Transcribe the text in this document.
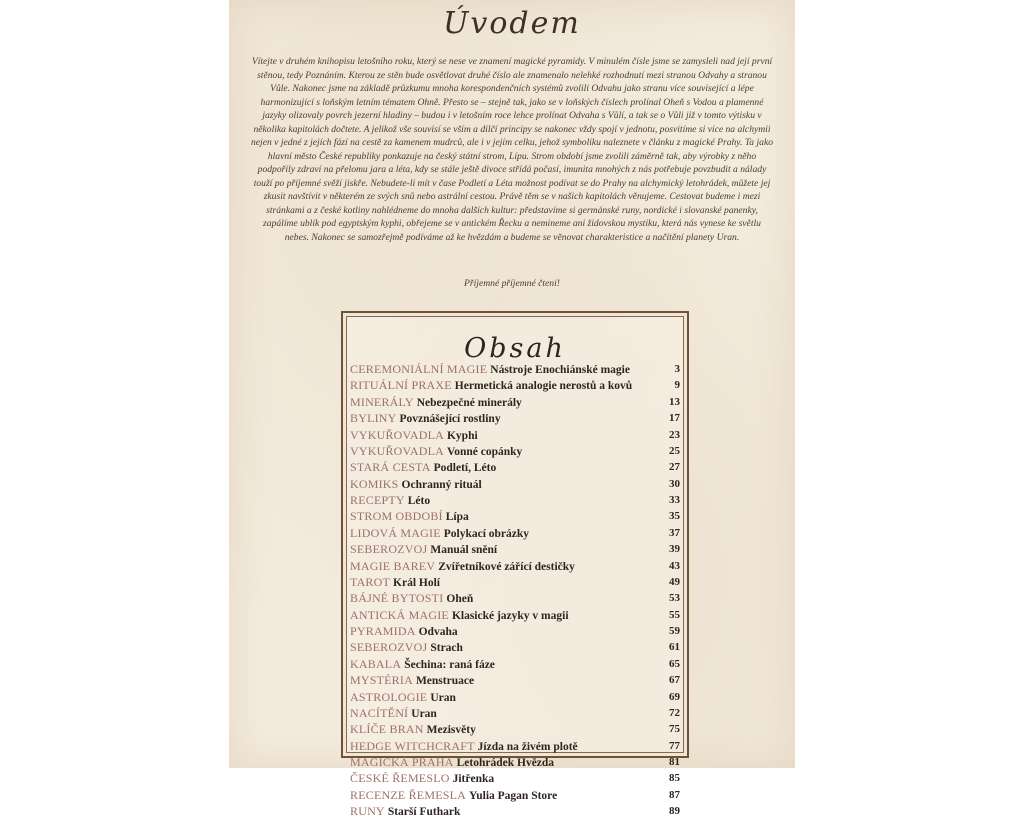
Úvodem
Vítejte v druhém knihopisu letošního roku, který se nese ve znamení magické pyramidy. V minulém čísle jsme se zamysleli nad její první stěnou, tedy Poznáním. Kterou ze stěn bude osvětlovat druhé číslo ale znamenalo nelehké rozhodnutí mezi stranou Odvahy a stranou Vůle. Nakonec jsme na základě průzkumu mnoha korespondenčních systémů zvolili Odvahu jako stranu více související a lépe harmonizující s loňským letním tématem Ohně. Přesto se – stejně tak, jako se v loňských číslech prolínal Oheň s Vodou a plamenné jazyky olizovaly povrch jezerní hladiny – budou i v letošním roce lehce prolínat Odvaha s Vůlí, a tak se o Vůli již v tomto výtisku v několika kapitolách dočtete. A jelikož vše souvisí se vším a dílčí principy se nakonec vždy spojí v jednotu, posvítíme si více na alchymii nejen v jedné z jejích fází na cestě za kamenem mudrců, ale i v jejím celku, jehož symboliku naleznete v článku z magické Prahy. Ta jako hlavní město České republiky ponkazuje na český státní strom, Lípu. Strom období jsme zvolili záměrně tak, aby výrobky z něho podpořily zdraví na přelomu jara a léta, kdy se stále ještě divoce střídá počasí, imunita mnohých z nás potřebuje povzbudit a nálady touží po příjemné svěží jiskře. Nebudete-li mít v čase Podletí a Léta možnost podívat se do Prahy na alchymický letohrádek, můžete jej zkusit navštívit v některém ze svých snů nebo astrální cestou. Právě těm se v našich kapitolách věnujeme. Cestovat budeme i mezi stránkami a z české kotliny nahlédneme do mnoha dalších kultur: představíme si germánské runy, nordické i slovanské panenky, zapálíme ublík pod egyptským kyphi, obřejeme se v antickém Řecku a nemineme ani židovskou mystiku, která nás vynese ke světlu nebes. Nakonec se samozřejmě podíváme až ke hvězdám a budeme se věnovat charakteristice a načítění planety Uran.
Příjemné příjemné čtení!
Obsah
CEREMONIÁLNÍ MAGIE Nástroje Enochiánské magie	3
RITUÁLNÍ PRAXE Hermetická analogie nerostů a kovů	9
MINERÁLY Nebezpečné minerály	13
BYLINY Povznášející rostliny	17
VYKUŘOVADLA Kyphi	23
VYKUŘOVADLA Vonné copánky	25
STARÁ CESTA Podletí, Léto	27
KOMIKS Ochranný rituál	30
RECEPTY Léto	33
STROM OBDOBÍ Lípa	35
LIDOVÁ MAGIE Polykací obrázky	37
SEBEROZVOJ Manuál snění	39
MAGIE BAREV Zvířetníkové zářící destičky	43
TAROT Král Holí	49
BÁJNÉ BYTOSTI Oheň	53
ANTICKÁ MAGIE Klasické jazyky v magii	55
PYRAMIDA Odvaha	59
SEBEROZVOJ Strach	61
KABALA Šechina: raná fáze	65
MYSTÉRIA Menstruace	67
ASTROLOGIE Uran	69
NACÍTĚNÍ Uran	72
KLÍČE BRAN Mezisvěty	75
HEDGE WITCHCRAFT Jízda na živém plotě	77
MAGICKÁ PRAHA Letohrádek Hvězda	81
ČESKÉ ŘEMESLO Jitřenka	85
RECENZE ŘEMESLA Yulia Pagan Store	87
RUNY Starší Futhark	89
